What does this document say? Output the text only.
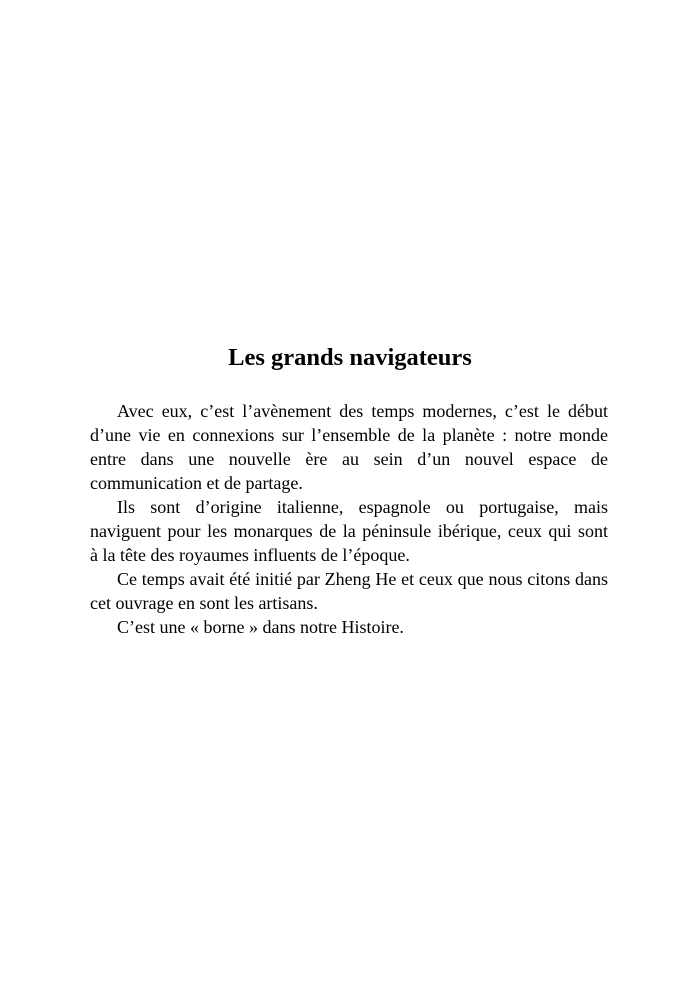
Les grands navigateurs
Avec eux, c’est l’avènement des temps modernes, c’est le début
d’une vie en connexions sur l’ensemble de la planète : notre monde
entre dans une nouvelle ère au sein d’un nouvel espace de
communication et de partage.
Ils sont d’origine italienne, espagnole ou portugaise, mais
naviguent pour les monarques de la péninsule ibérique, ceux qui sont
à la tête des royaumes influents de l’époque.
Ce temps avait été initié par Zheng He et ceux que nous citons dans
cet ouvrage en sont les artisans.
C’est une « borne » dans notre Histoire.
